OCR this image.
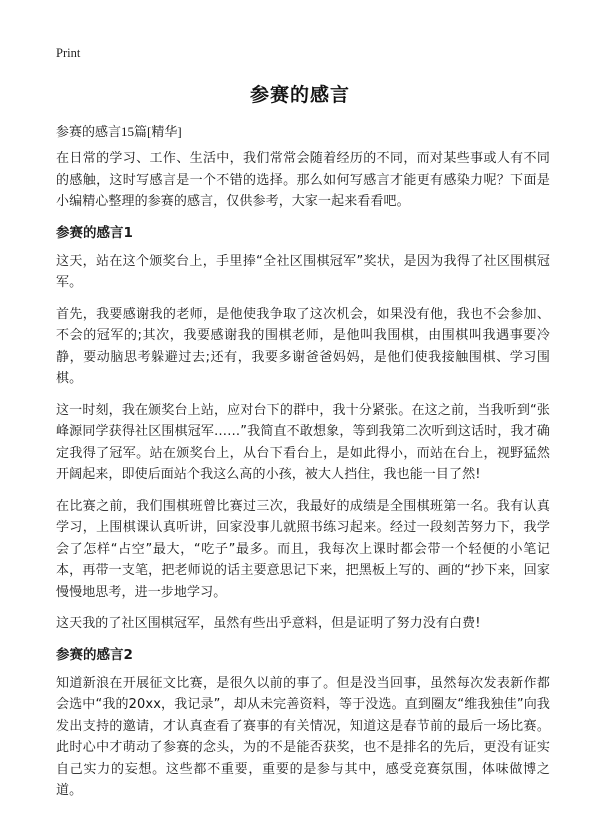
Print
参赛的感言
参赛的感言15篇[精华]

在日常的学习、工作、生活中，我们常常会随着经历的不同，而对某些事或人有不同的感触，这时写感言是一个不错的选择。那么如何写感言才能更有感染力呢？下面是小编精心整理的参赛的感言，仅供参考，大家一起来看看吧。

参赛的感言1

这天，站在这个颁奖台上，手里捧“全社区围棋冠军”奖状，是因为我得了社区围棋冠军。

首先，我要感谢我的老师，是他使我争取了这次机会，如果没有他，我也不会参加、不会的冠军的;其次，我要感谢我的围棋老师，是他叫我围棋，由围棋叫我遇事要冷静，要动脑思考躲避过去;还有，我要多谢爸爸妈妈，是他们使我接触围棋、学习围棋。

这一时刻，我在颁奖台上站，应对台下的群中，我十分紧张。在这之前，当我听到“张峰源同学获得社区围棋冠军……”我简直不敢想象，等到我第二次听到这话时，我才确定我得了冠军。站在颁奖台上，从台下看台上，是如此得小，而站在台上，视野猛然开阔起来，即使后面站个我这么高的小孩，被大人挡住，我也能一目了然!

在比赛之前，我们围棋班曾比赛过三次，我最好的成绩是全围棋班第一名。我有认真学习，上围棋课认真听讲，回家没事儿就照书练习起来。经过一段刻苦努力下，我学会了怎样“占空”最大，“吃子”最多。而且，我每次上课时都会带一个轻便的小笔记本，再带一支笔，把老师说的话主要意思记下来，把黑板上写的、画的“抄下来，回家慢慢地思考，进一步地学习。

这天我的了社区围棋冠军，虽然有些出乎意料，但是证明了努力没有白费!

参赛的感言2

知道新浪在开展征文比赛，是很久以前的事了。但是没当回事，虽然每次发表新作都会选中“我的20xx，我记录”，却从未完善资料，等于没选。直到圈友“维我独佳”向我发出支持的邀请，才认真查看了赛事的有关情况，知道这是春节前的最后一场比赛。此时心中才萌动了参赛的念头，为的不是能否获奖，也不是排名的先后，更没有证实自己实力的妄想。这些都不重要，重要的是参与其中，感受竞赛氛围，体味做博之道。
